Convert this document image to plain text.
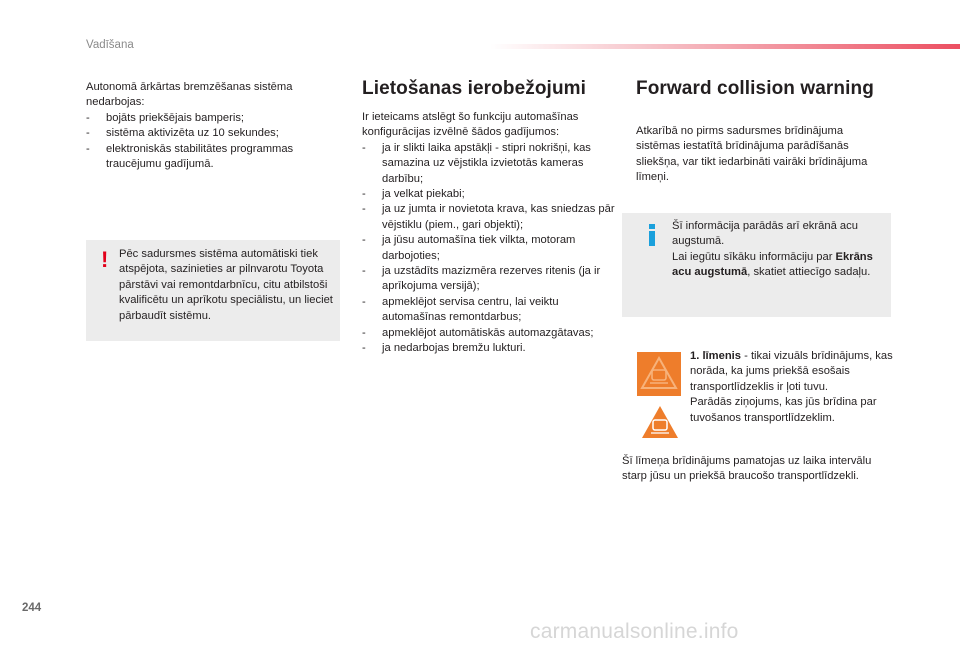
Vadīšana

Autonomā ārkārtas bremzēšanas sistēma nedarbojas:

- bojāts priekšējais bamperis;
- sistēma aktivizēta uz 10 sekundes;
- elektroniskās stabilitātes programmas traucējumu gadījumā.
! Pēc sadursmes sistēma automātiski tiek atspējota, sazinieties ar pilnvarotu Toyota pārstāvi vai remontdarbnīcu, citu atbilstoši kvalificētu un aprīkotu speciālistu, un lieciet pārbaudīt sistēmu.

Lietošanas ierobežojumi

Ir ieteicams atslēgt šo funkciju automašīnas konfigurācijas izvēlnē šādos gadījumos:

- ja ir slikti laika apstākļi - stipri nokrišņi, kas samazina uz vējstikla izvietotās kameras darbību;
- ja velkat piekabi;
- ja uz jumta ir novietota krava, kas sniedzas pār vējstiklu (piem., gari objekti);
- ja jūsu automašīna tiek vilkta, motoram darbojoties;
- ja uzstādīts mazizmēra rezerves ritenis (ja ir aprīkojuma versijā);
- apmeklējot servisa centru, lai veiktu automašīnas remontdarbus;
- apmeklējot automātiskās automazgātavas;
- ja nedarbojas bremžu lukturi.
Forward collision warning

Atkarībā no pirms sadursmes brīdinājuma sistēmas iestatītā brīdinājuma parādīšanās sliekšņa, var tikt iedarbināti vairāki brīdinājuma līmeņi.

Šī informācija parādās arī ekrānā acu augstumā.

Lai iegūtu sīkāku informāciju par Ekrāns acu augstumā, skatiet attiecīgo sadaļu.

1. līmenis - tikai vizuāls brīdinājums, kas norāda, ka jums priekšā esošais transportlīdzeklis ir ļoti tuvu.

Parādās ziņojums, kas jūs brīdina par tuvošanos transportlīdzeklim.

Šī līmeņa brīdinājums pamatojas uz laika intervālu starp jūsu un priekšā braucošo transportlīdzekli.

244
carmanualsonline.info
